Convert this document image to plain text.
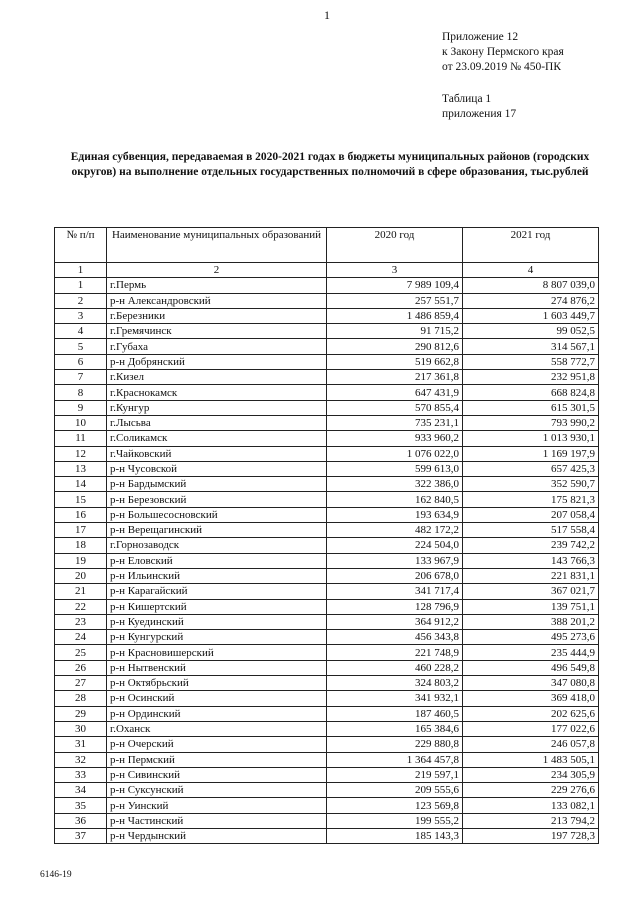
1
Приложение 12
к Закону Пермского края
от 23.09.2019 № 450-ПК
Таблица 1
приложения 17
Единая субвенция, передаваемая в 2020-2021 годах в бюджеты муниципальных районов (городских округов) на выполнение отдельных государственных полномочий в сфере образования, тыс.рублей
№ п/п	Наименование муниципальных образований	2020 год	2021 год
1	2	3	4
1	г.Пермь	7 989 109,4	8 807 039,0
2	р-н Александровский	257 551,7	274 876,2
3	г.Березники	1 486 859,4	1 603 449,7
4	г.Гремячинск	91 715,2	99 052,5
5	г.Губаха	290 812,6	314 567,1
6	р-н Добрянский	519 662,8	558 772,7
7	г.Кизел	217 361,8	232 951,8
8	г.Краснокамск	647 431,9	668 824,8
9	г.Кунгур	570 855,4	615 301,5
10	г.Лысьва	735 231,1	793 990,2
11	г.Соликамск	933 960,2	1 013 930,1
12	г.Чайковский	1 076 022,0	1 169 197,9
13	р-н Чусовской	599 613,0	657 425,3
14	р-н Бардымский	322 386,0	352 590,7
15	р-н Березовский	162 840,5	175 821,3
16	р-н Большесосновский	193 634,9	207 058,4
17	р-н Верещагинский	482 172,2	517 558,4
18	г.Горнозаводск	224 504,0	239 742,2
19	р-н Еловский	133 967,9	143 766,3
20	р-н Ильинский	206 678,0	221 831,1
21	р-н Карагайский	341 717,4	367 021,7
22	р-н Кишертский	128 796,9	139 751,1
23	р-н Куединский	364 912,2	388 201,2
24	р-н Кунгурский	456 343,8	495 273,6
25	р-н Красновишерский	221 748,9	235 444,9
26	р-н Нытвенский	460 228,2	496 549,8
27	р-н Октябрьский	324 803,2	347 080,8
28	р-н Осинский	341 932,1	369 418,0
29	р-н Ординский	187 460,5	202 625,6
30	г.Оханск	165 384,6	177 022,6
31	р-н Очерский	229 880,8	246 057,8
32	р-н Пермский	1 364 457,8	1 483 505,1
33	р-н Сивинский	219 597,1	234 305,9
34	р-н Суксунский	209 555,6	229 276,6
35	р-н Уинский	123 569,8	133 082,1
36	р-н Частинский	199 555,2	213 794,2
37	р-н Чердынский	185 143,3	197 728,3
6146-19
